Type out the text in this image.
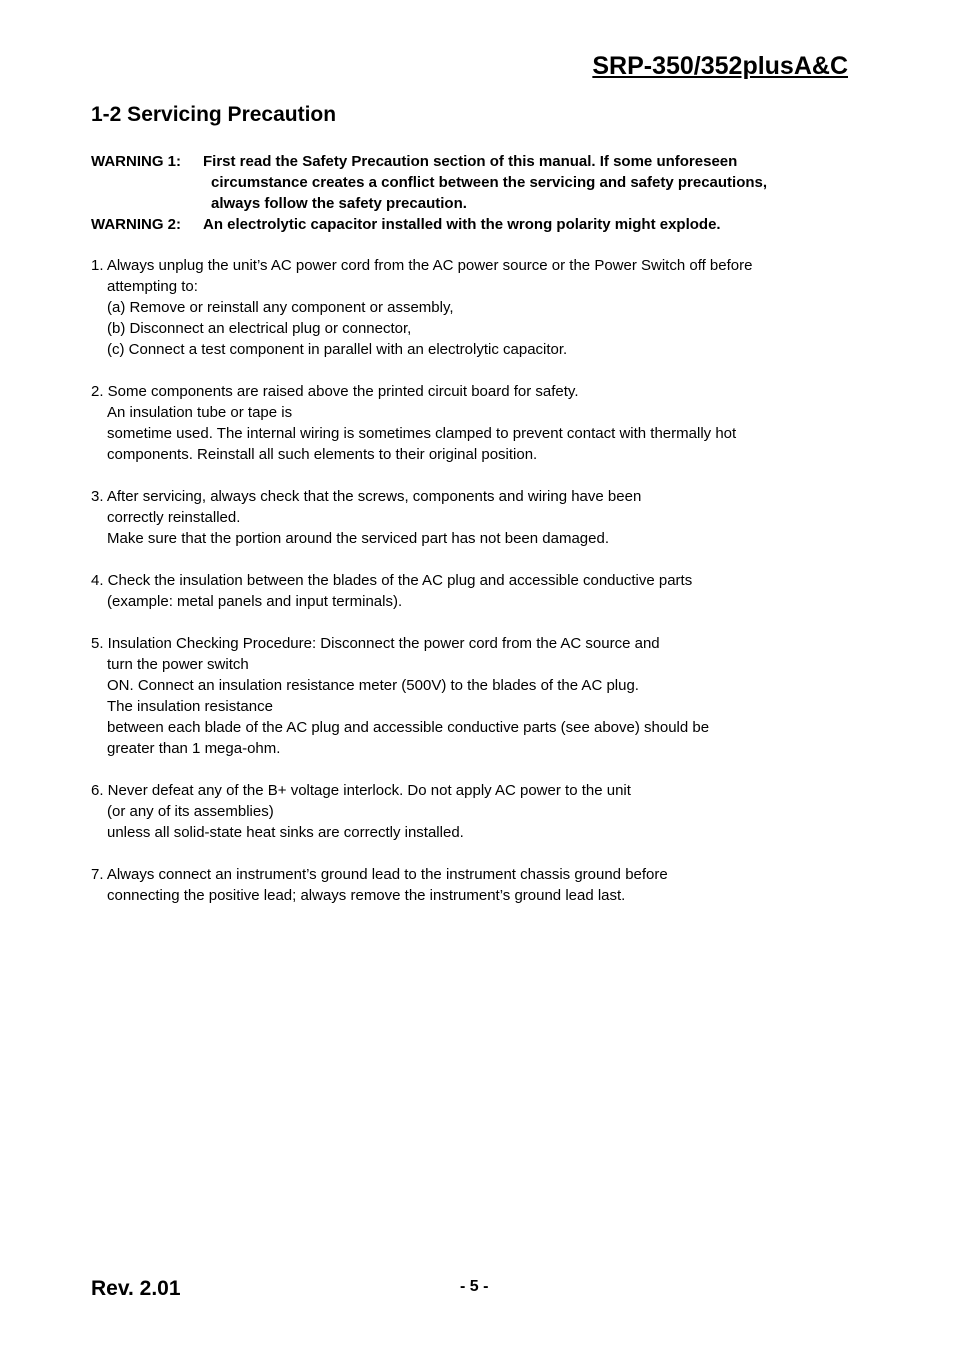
SRP-350/352plusA&C
1-2 Servicing Precaution
WARNING 1:	First read the Safety Precaution section of this manual. If some unforeseen
circumstance creates a conflict between the servicing and safety precautions,
always follow the safety precaution.
WARNING 2:	An electrolytic capacitor installed with the wrong polarity might explode.
1. Always unplug the unit’s AC power cord from the AC power source or the Power Switch off before
attempting to:
(a) Remove or reinstall any component or assembly,
(b) Disconnect an electrical plug or connector,
(c) Connect a test component in parallel with an electrolytic capacitor.
2. Some components are raised above the printed circuit board for safety.
An insulation tube or tape is
sometime used. The internal wiring is sometimes clamped to prevent contact with thermally hot
components. Reinstall all such elements to their original position.
3. After servicing, always check that the screws, components and wiring have been
correctly reinstalled.
Make sure that the portion around the serviced part has not been damaged.
4. Check the insulation between the blades of the AC plug and accessible conductive parts
(example: metal panels and input terminals).
5. Insulation Checking Procedure: Disconnect the power cord from the AC source and
turn the power switch
ON. Connect an insulation resistance meter (500V) to the blades of the AC plug.
The insulation resistance
between each blade of the AC plug and accessible conductive parts (see above) should be
greater than 1 mega-ohm.
6. Never defeat any of the B+ voltage interlock. Do not apply AC power to the unit
(or any of its assemblies)
unless all solid-state heat sinks are correctly installed.
7. Always connect an instrument’s ground lead to the instrument chassis ground before
connecting the positive lead; always remove the instrument’s ground lead last.
Rev. 2.01	- 5 -
